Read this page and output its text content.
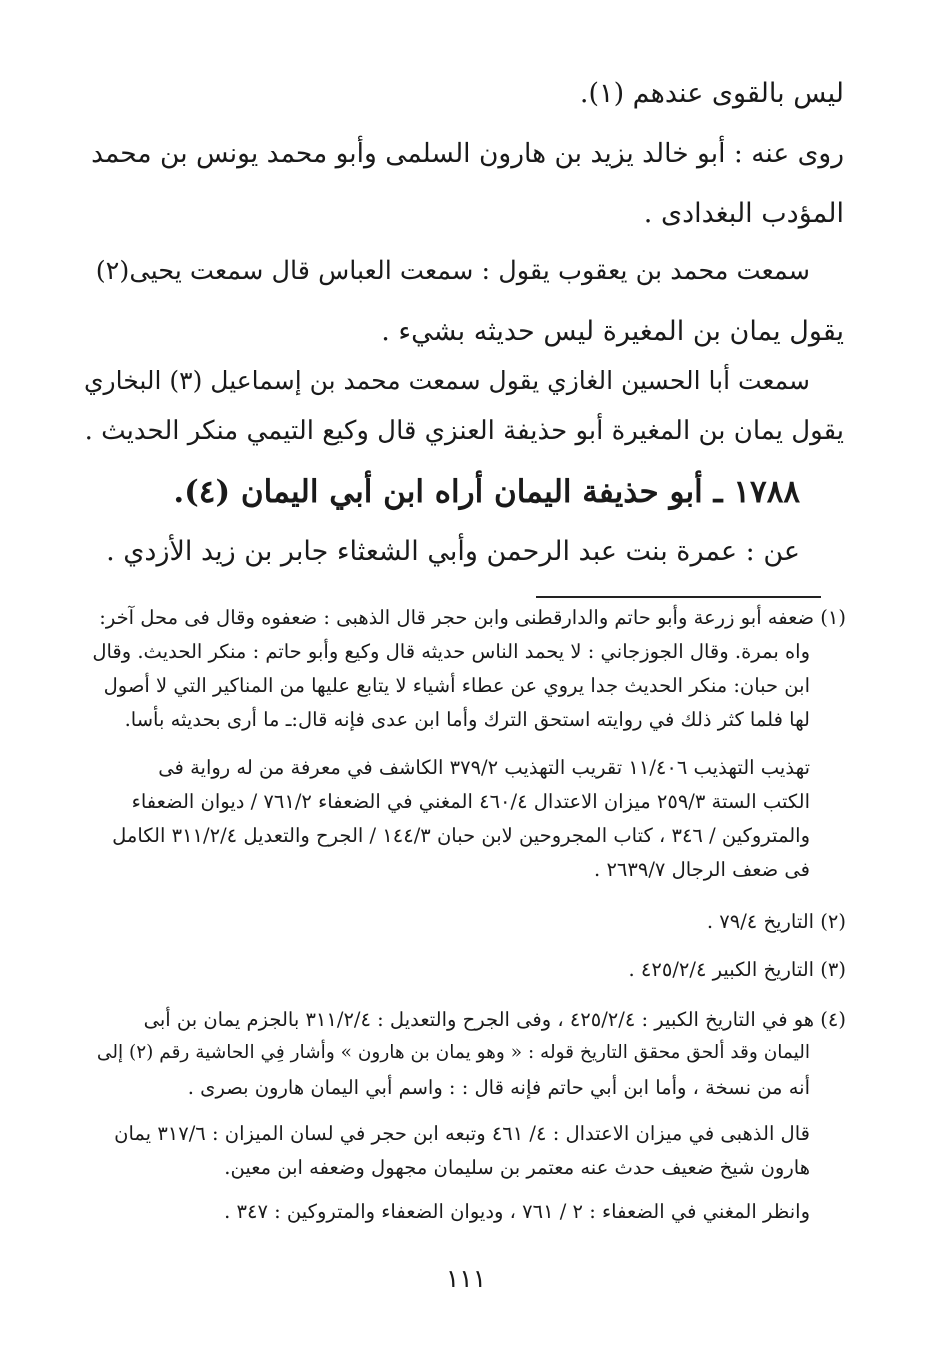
ليس بالقوى عندهم (١).
روى عنه : أبو خالد يزيد بن هارون السلمى وأبو محمد يونس بن محمد
المؤدب البغدادى .
سمعت محمد بن يعقوب يقول : سمعت العباس قال سمعت يحيى(٢)
يقول يمان بن المغيرة ليس حديثه بشيء .
سمعت أبا الحسين الغازي يقول سمعت محمد بن إسماعيل (٣) البخاري
يقول يمان بن المغيرة أبو حذيفة العنزي قال وكيع التيمي منكر الحديث .
١٧٨٨ ـ أبو حذيفة اليمان أراه ابن أبي اليمان (٤).
عن : عمرة بنت عبد الرحمن وأبي الشعثاء جابر بن زيد الأزدي .
(١) ضعفه أبو زرعة وأبو حاتم والدارقطنى وابن حجر قال الذهبى : ضعفوه وقال فى محل آخر:
واه بمرة. وقال الجوزجاني : لا يحمد الناس حديثه قال وكيع وأبو حاتم : منكر الحديث. وقال
ابن حبان: منكر الحديث جدا يروي عن عطاء أشياء لا يتابع عليها من المناكير التي لا أصول
لها فلما كثر ذلك في روايته استحق الترك وأما ابن عدى فإنه قال:ـ ما أرى بحديثه بأسا.
تهذيب التهذيب ١١/٤٠٦ تقريب التهذيب ٣٧٩/٢ الكاشف في معرفة من له رواية فى
الكتب الستة ٢٥٩/٣ ميزان الاعتدال ٤٦٠/٤ المغني في الضعفاء ٧٦١/٢ / ديوان الضعفاء
والمتروكين / ٣٤٦ ، كتاب المجروحين لابن حبان ١٤٤/٣ / الجرح والتعديل ٣١١/٢/٤ الكامل
فى ضعف الرجال ٢٦٣٩/٧ .
(٢) التاريخ ٧٩/٤ .
(٣) التاريخ الكبير ٤٢٥/٢/٤ .
(٤) هو في التاريخ الكبير : ٤٢٥/٢/٤ ، وفى الجرح والتعديل : ٣١١/٢/٤ بالجزم يمان بن أبى
اليمان وقد ألحق محقق التاريخ قوله : « وهو يمان بن هارون » وأشار فِي الحاشية رقم (٢) إلى
أنه من نسخة ، وأما ابن أبي حاتم فإنه قال : : واسم أبي اليمان هارون بصرى .
قال الذهبى في ميزان الاعتدال : ٤/ ٤٦١ وتبعه ابن حجر في لسان الميزان : ٣١٧/٦ يمان
هارون شيخ ضعيف حدث عنه معتمر بن سليمان مجهول وضعفه ابن معين.
وانظر المغني في الضعفاء : ٢ / ٧٦١ ، وديوان الضعفاء والمتروكين : ٣٤٧ .
١١١
